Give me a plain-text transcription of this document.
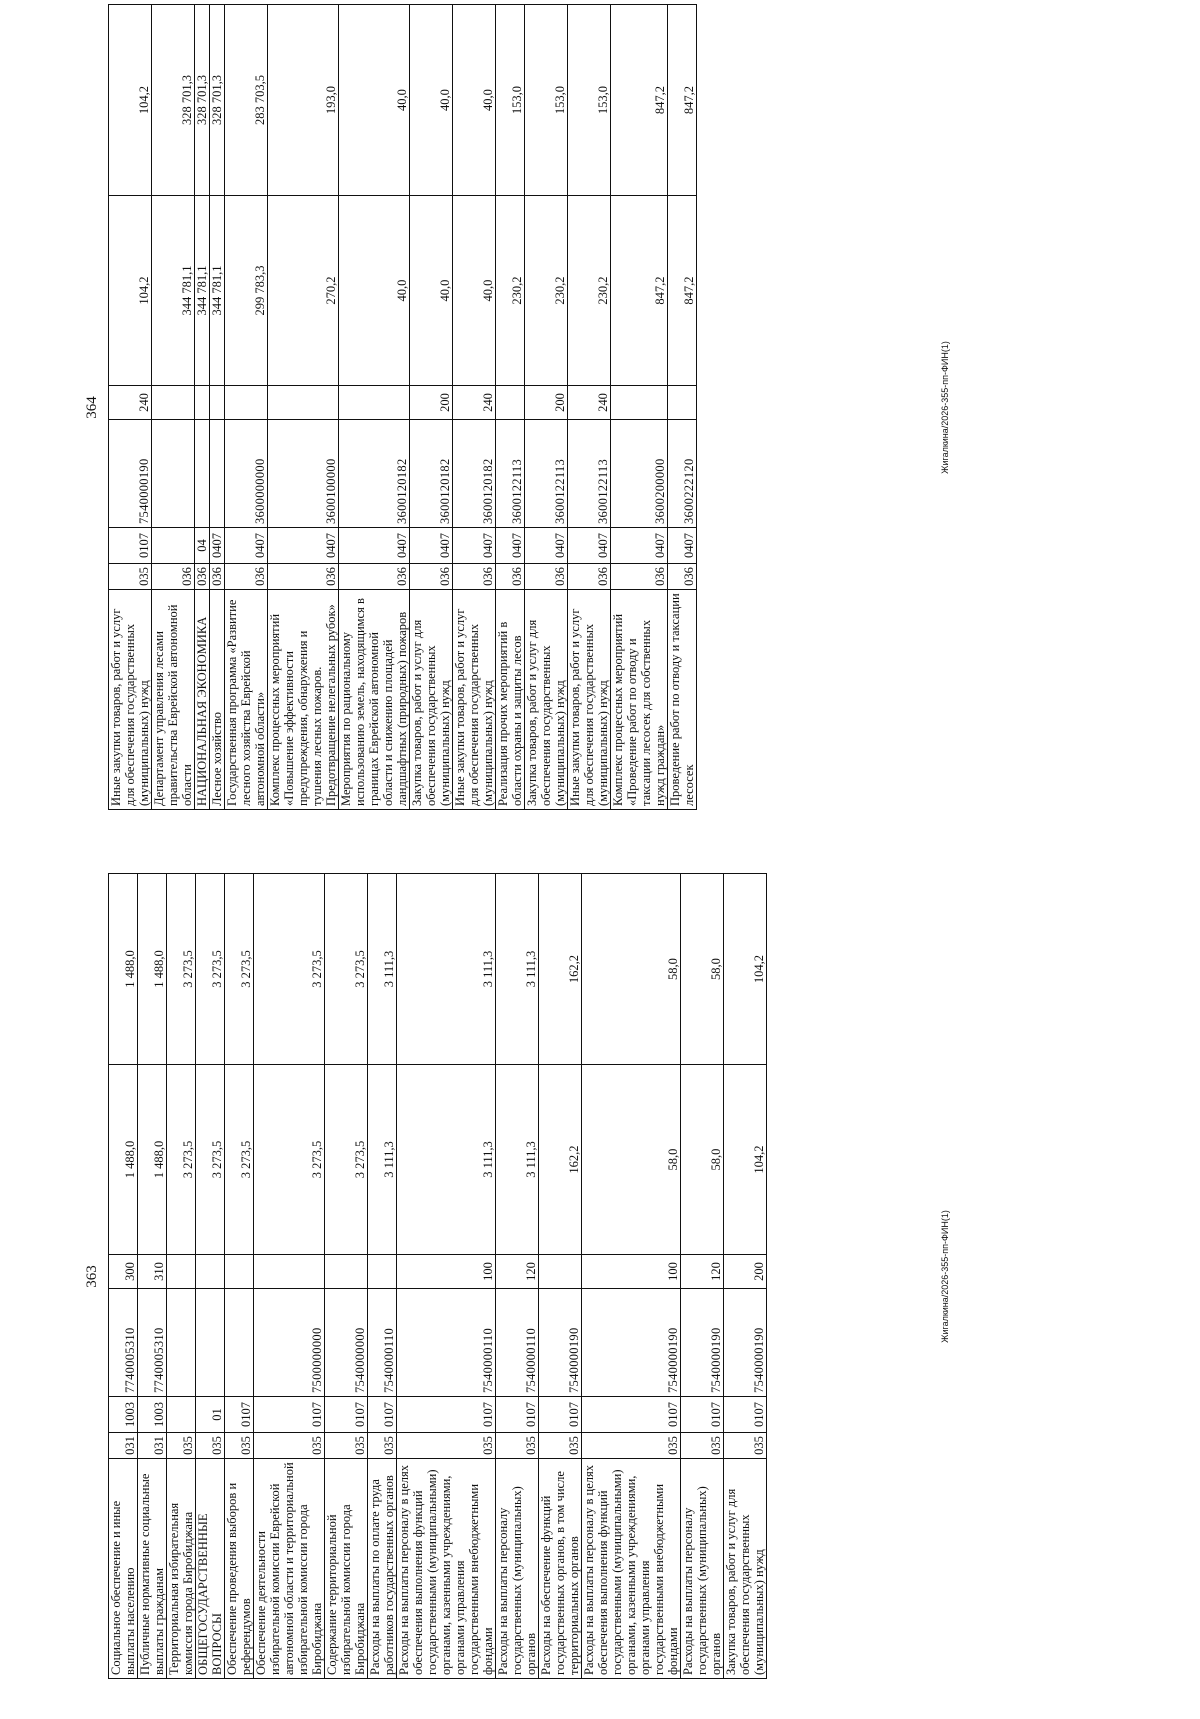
363
Социальное обеспечение и иные выплаты населению	031	1003	7740005310	300	1 488,0	1 488,0
Публичные нормативные социальные выплаты гражданам	031	1003	7740005310	310	1 488,0	1 488,0
Территориальная избирательная комиссия города Биробиджана	035				3 273,5	3 273,5
ОБЩЕГОСУДАРСТВЕННЫЕ ВОПРОСЫ	035	01			3 273,5	3 273,5
Обеспечение проведения выборов и референдумов	035	0107			3 273,5	3 273,5
Обеспечение деятельности избирательной комиссии Еврейской автономной области и территориальной избирательной комиссии города Биробиджана	035	0107	7500000000		3 273,5	3 273,5
Содержание территориальной избирательной комиссии города Биробиджана	035	0107	7540000000		3 273,5	3 273,5
Расходы на выплаты по оплате труда работников государственных органов	035	0107	7540000110		3 111,3	3 111,3
Расходы на выплаты персоналу в целях обеспечения выполнения функций государственными (муниципальными) органами, казенными учреждениями, органами управления государственными внебюджетными фондами	035	0107	7540000110	100	3 111,3	3 111,3
Расходы на выплаты персоналу государственных (муниципальных) органов	035	0107	7540000110	120	3 111,3	3 111,3
Расходы на обеспечение функций государственных органов, в том числе территориальных органов	035	0107	7540000190		162,2	162,2
Расходы на выплаты персоналу в целях обеспечения выполнения функций государственными (муниципальными) органами, казенными учреждениями, органами управления государственными внебюджетными фондами	035	0107	7540000190	100	58,0	58,0
Расходы на выплаты персоналу государственных (муниципальных) органов	035	0107	7540000190	120	58,0	58,0
Закупка товаров, работ и услуг для обеспечения государственных (муниципальных) нужд	035	0107	7540000190	200	104,2	104,2
Жигалкина/2026-355-пп-ФИН(1)
364
Иные закупки товаров, работ и услуг для обеспечения государственных (муниципальных) нужд	035	0107	7540000190	240	104,2	104,2
Департамент управления лесами правительства Еврейской автономной области	036				344 781,1	328 701,3
НАЦИОНАЛЬНАЯ ЭКОНОМИКА	036	04			344 781,1	328 701,3
Лесное хозяйство	036	0407			344 781,1	328 701,3
Государственная программа «Развитие лесного хозяйства Еврейской автономной области»	036	0407	3600000000		299 783,3	283 703,5
Комплекс процессных мероприятий «Повышение эффективности предупреждения, обнаружения и тушения лесных пожаров. Предотвращение нелегальных рубок»	036	0407	3600100000		270,2	193,0
Мероприятия по рациональному использованию земель, находящимся в границах Еврейской автономной области и снижению площадей ландшафтных (природных) пожаров	036	0407	3600120182		40,0	40,0
Закупка товаров, работ и услуг для обеспечения государственных (муниципальных) нужд	036	0407	3600120182	200	40,0	40,0
Иные закупки товаров, работ и услуг для обеспечения государственных (муниципальных) нужд	036	0407	3600120182	240	40,0	40,0
Реализация прочих мероприятий в области охраны и защиты лесов	036	0407	3600122113		230,2	153,0
Закупка товаров, работ и услуг для обеспечения государственных (муниципальных) нужд	036	0407	3600122113	200	230,2	153,0
Иные закупки товаров, работ и услуг для обеспечения государственных (муниципальных) нужд	036	0407	3600122113	240	230,2	153,0
Комплекс процессных мероприятий «Проведение работ по отводу и таксации лесосек для собственных нужд граждан»	036	0407	3600200000		847,2	847,2
Проведение работ по отводу и таксации лесосек	036	0407	3600222120		847,2	847,2
Жигалкина/2026-355-пп-ФИН(1)
